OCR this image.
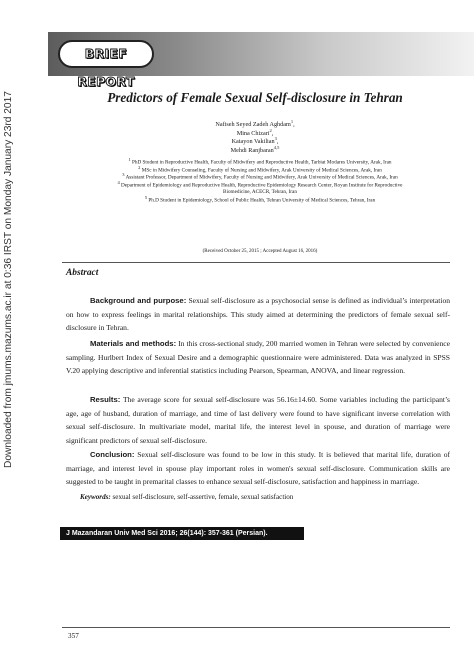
Downloaded from jmums.mazums.ac.ir at 0:36 IRST on Monday January 23rd 2017
BRIEF REPORT
Predictors of Female Sexual Self-disclosure in Tehran
Nafiseh Seyed Zadeh Aghdam$^1$,
Mina Chizari$^2$,
Katayon Vakilian$^3$,
Mehdi Ranjbaran$^{4,5}$
$^1$ PhD Student in Reproductive Health, Faculty of Midwifery and Reproductive Health, Tarbiat Modares University, Arak, Iran
$^2$ MSc in Midwifery Counseling, Faculty of Nursing and Midwifery, Arak University of Medical Sciences, Arak, Iran
$^3$ Assistant Professor, Department of Midwifery, Faculty of Nursing and Midwifery, Arak University of Medical Sciences, Arak, Iran
$^4$ Department of Epidemiology and Reproductive Health, Reproductive Epidemiology Research Center, Royan Institute for Reproductive Biomedicine, ACECR, Tehran, Iran
$^5$ Ph.D Student in Epidemiology, School of Public Health, Tehran University of Medical Sciences, Tehran, Iran
(Received October 25, 2015 ; Accepted August 16, 2016)
Abstract
Background and purpose: Sexual self-disclosure as a psychosocial sense is defined as individual’s interpretation on how to express feelings in marital relationships. This study aimed at determining the predictors of female sexual self-disclosure in Tehran.
Materials and methods: In this cross-sectional study, 200 married women in Tehran were selected by convenience sampling. Hurlbert Index of Sexual Desire and a demographic questionnaire were administered. Data was analyzed in SPSS V.20 applying descriptive and inferential statistics including Pearson, Spearman, ANOVA, and linear regression.
Results: The average score for sexual self-disclosure was 56.16±14.60. Some variables including the participant’s age, age of husband, duration of marriage, and time of last delivery were found to have significant inverse correlation with sexual self-disclosure. In multivariate model, marital life, the interest level in spouse, and duration of marriage were significant predictors of sexual self-disclosure.
Conclusion: Sexual self-disclosure was found to be low in this study. It is believed that marital life, duration of marriage, and interest level in spouse play important roles in women's sexual self-disclosure. Communication skills are suggested to be taught in premarital classes to enhance sexual self-disclosure, satisfaction and happiness in marriage.
Keywords: sexual self-disclosure, self-assertive, female, sexual satisfaction
J Mazandaran Univ Med Sci 2016; 26(144): 357-361 (Persian).
357
